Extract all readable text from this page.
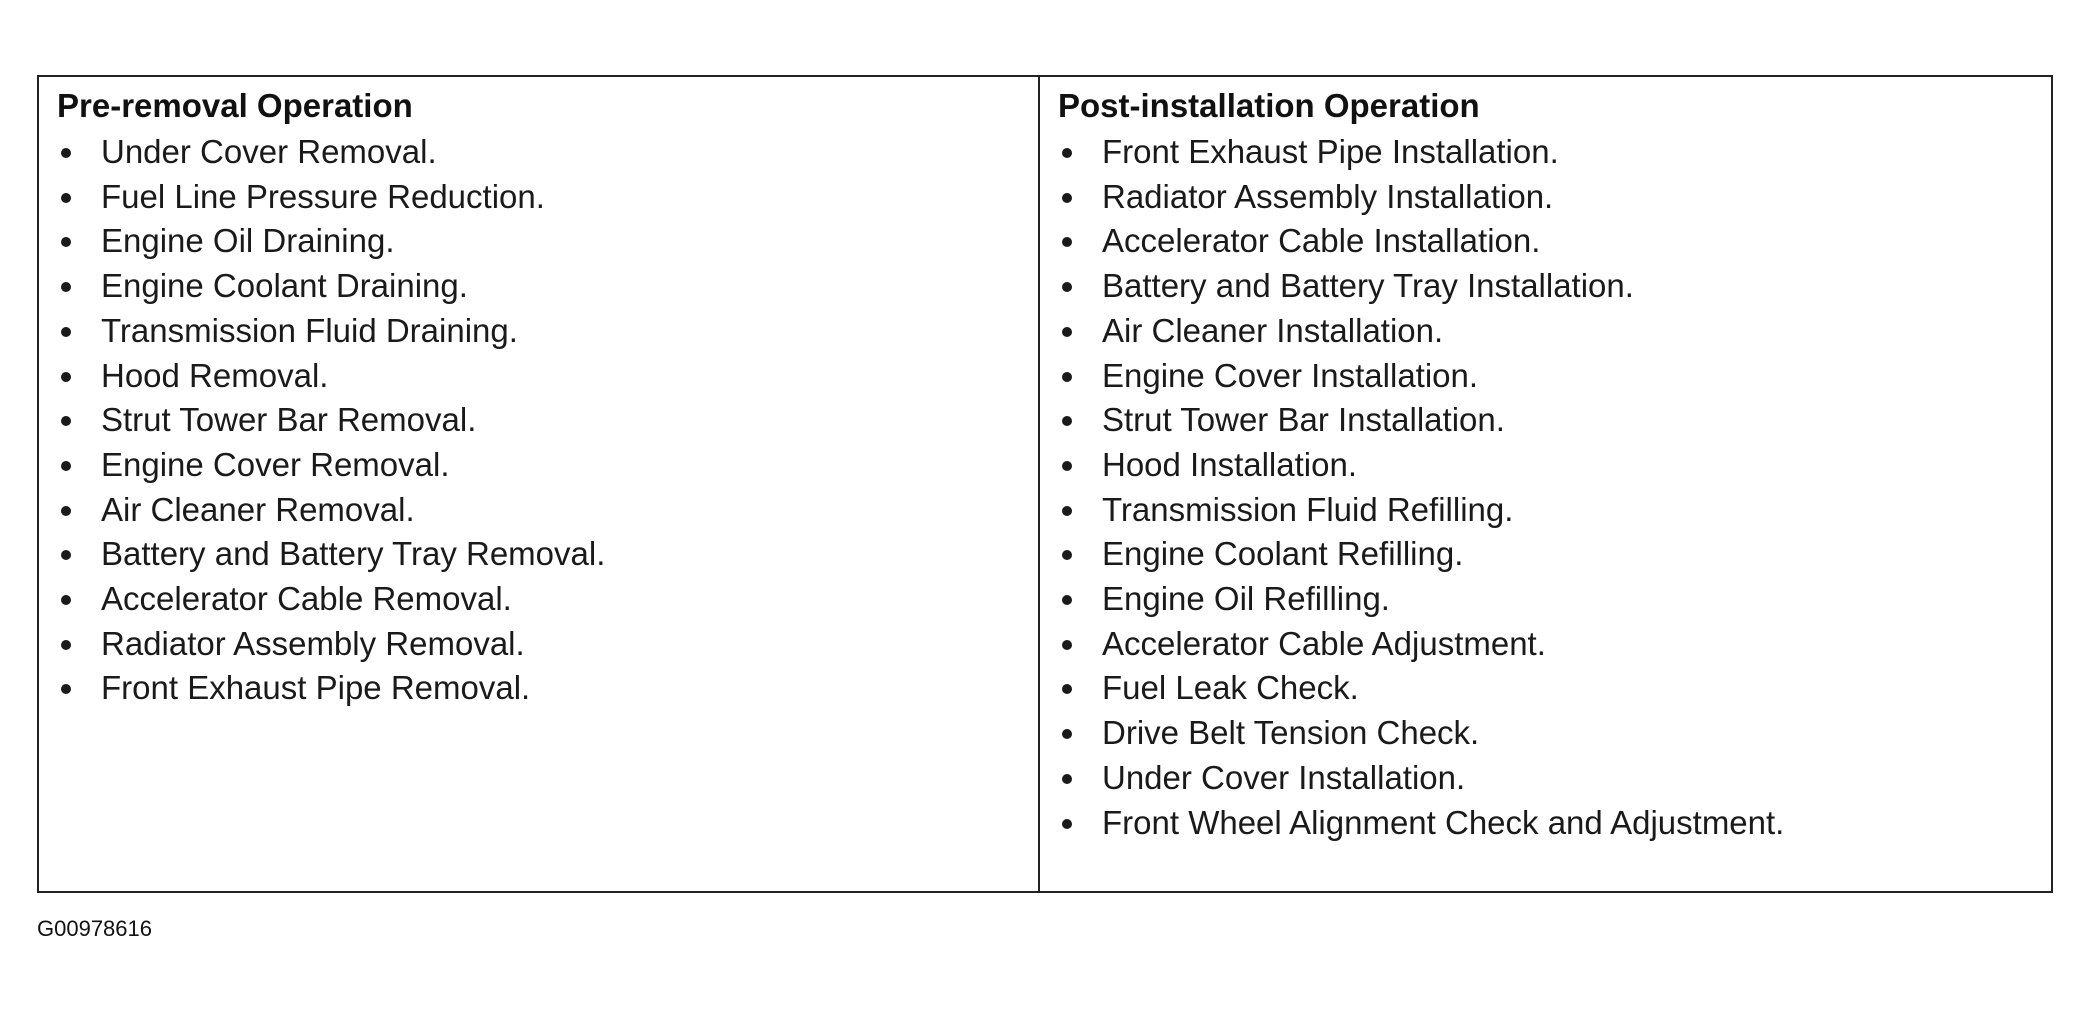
Pre-removal Operation
Under Cover Removal.
Fuel Line Pressure Reduction.
Engine Oil Draining.
Engine Coolant Draining.
Transmission Fluid Draining.
Hood Removal.
Strut Tower Bar Removal.
Engine Cover Removal.
Air Cleaner Removal.
Battery and Battery Tray Removal.
Accelerator Cable Removal.
Radiator Assembly Removal.
Front Exhaust Pipe Removal.
Post-installation Operation
Front Exhaust Pipe Installation.
Radiator Assembly Installation.
Accelerator Cable Installation.
Battery and Battery Tray Installation.
Air Cleaner Installation.
Engine Cover Installation.
Strut Tower Bar Installation.
Hood Installation.
Transmission Fluid Refilling.
Engine Coolant Refilling.
Engine Oil Refilling.
Accelerator Cable Adjustment.
Fuel Leak Check.
Drive Belt Tension Check.
Under Cover Installation.
Front Wheel Alignment Check and Adjustment.
G00978616
